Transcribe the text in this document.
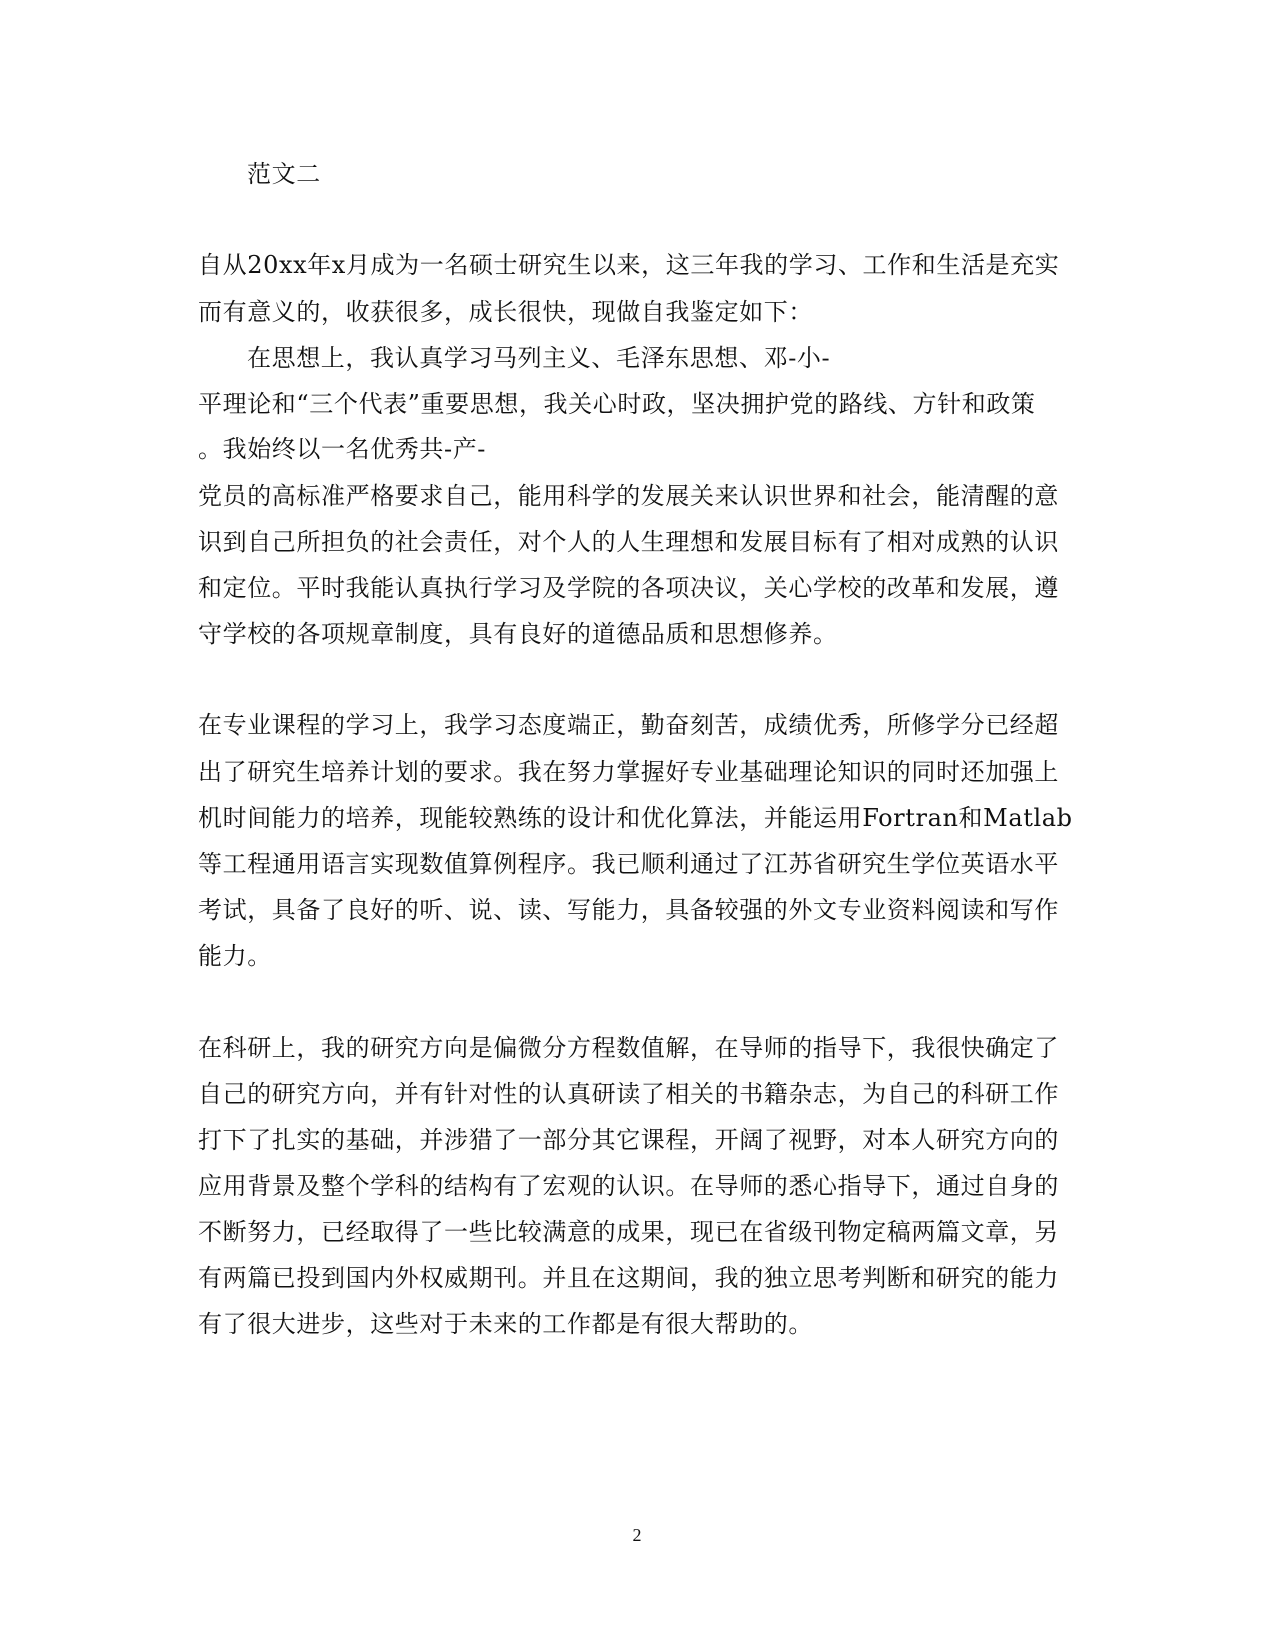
范文二
自从20xx年x月成为一名硕士研究生以来，这三年我的学习、工作和生活是充实
而有意义的，收获很多，成长很快，现做自我鉴定如下：
在思想上，我认真学习马列主义、毛泽东思想、邓-小-
平理论和“三个代表”重要思想，我关心时政，坚决拥护党的路线、方针和政策
。我始终以一名优秀共-产-
党员的高标准严格要求自己，能用科学的发展关来认识世界和社会，能清醒的意
识到自己所担负的社会责任，对个人的人生理想和发展目标有了相对成熟的认识
和定位。平时我能认真执行学习及学院的各项决议，关心学校的改革和发展，遵
守学校的各项规章制度，具有良好的道德品质和思想修养。
在专业课程的学习上，我学习态度端正，勤奋刻苦，成绩优秀，所修学分已经超
出了研究生培养计划的要求。我在努力掌握好专业基础理论知识的同时还加强上
机时间能力的培养，现能较熟练的设计和优化算法，并能运用Fortran和Matlab
等工程通用语言实现数值算例程序。我已顺利通过了江苏省研究生学位英语水平
考试，具备了良好的听、说、读、写能力，具备较强的外文专业资料阅读和写作
能力。
在科研上，我的研究方向是偏微分方程数值解，在导师的指导下，我很快确定了
自己的研究方向，并有针对性的认真研读了相关的书籍杂志，为自己的科研工作
打下了扎实的基础，并涉猎了一部分其它课程，开阔了视野，对本人研究方向的
应用背景及整个学科的结构有了宏观的认识。在导师的悉心指导下，通过自身的
不断努力，已经取得了一些比较满意的成果，现已在省级刊物定稿两篇文章，另
有两篇已投到国内外权威期刊。并且在这期间，我的独立思考判断和研究的能力
有了很大进步，这些对于未来的工作都是有很大帮助的。
2
